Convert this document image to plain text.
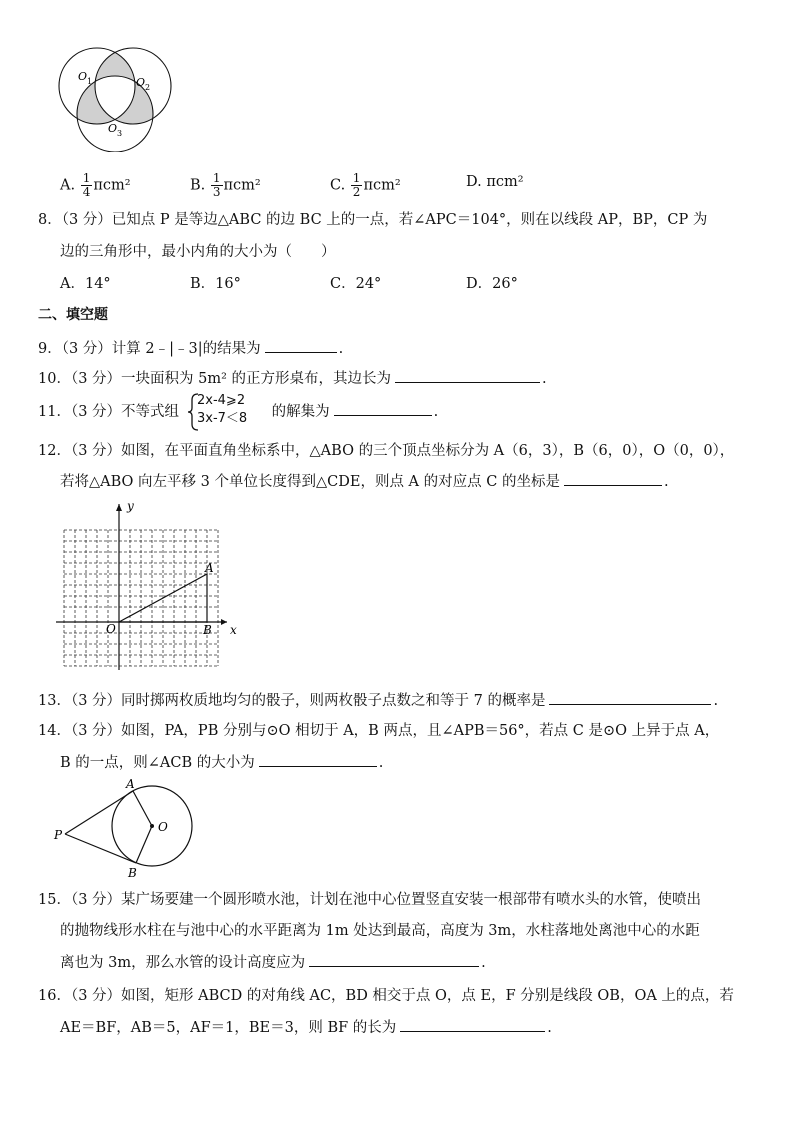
O 1	O 2
O 3
A. $\frac{1}{4} \pi cm^2$	B. $\frac{1}{3} \pi cm^2$	C. $\frac{1}{2} \pi cm^2$	D. πcm²
8．（3 分）已知点 P 是等边△ABC 的边 BC 上的一点，若∠APC＝104°，则在以线段 AP，BP，CP 为
边的三角形中，最小内角的大小为（　　）
A．14°	B．16°	C．24°	D．26°
二、填空题
9．（3 分）计算 2﹣|﹣3|的结果为	.
10．（3 分）一块面积为 5m² 的正方形桌布，其边长为	.
11．（3 分）不等式组	的解集为	.
2x-4⩾2
3x-7＜8
12．（3 分）如图，在平面直角坐标系中，△ABO 的三个顶点坐标分为 A（6，3），B（6，0），O（0，0），
若将△ABO 向左平移 3 个单位长度得到△CDE，则点 A 的对应点 C 的坐标是	.
y
x
A
B
O
13．（3 分）同时掷两枚质地均匀的骰子，则两枚骰子点数之和等于 7 的概率是	.
14．（3 分）如图，PA，PB 分别与⊙O 相切于 A，B 两点，且∠APB＝56°，若点 C 是⊙O 上异于点 A，
B 的一点，则∠ACB 的大小为	.
A
B
P
O
15．（3 分）某广场要建一个圆形喷水池，计划在池中心位置竖直安装一根部带有喷水头的水管，使喷出
的抛物线形水柱在与池中心的水平距离为 1m 处达到最高，高度为 3m，水柱落地处离池中心的水距
离也为 3m，那么水管的设计高度应为	.
16．（3 分）如图，矩形 ABCD 的对角线 AC，BD 相交于点 O，点 E，F 分别是线段 OB，OA 上的点，若
AE＝BF，AB＝5，AF＝1，BE＝3，则 BF 的长为	.
